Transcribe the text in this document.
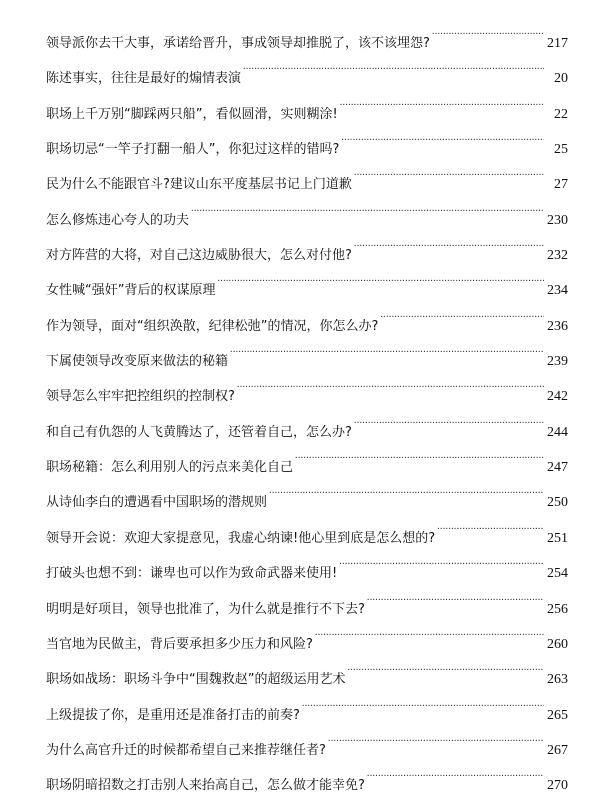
领导派你去干大事，承诺给晋升，事成领导却推脱了，该不该埋怨? .....	217
陈述事实，往往是最好的煽情表演 .....	20
职场上千万别“脚踩两只船”，看似圆滑，实则糊涂! .....	22
职场切忌“一竿子打翻一船人”，你犯过这样的错吗? .....	25
民为什么不能跟官斗?建议山东平度基层书记上门道歉 .....	27
怎么修炼违心夸人的功夫 .....	230
对方阵营的大将，对自己这边威胁很大，怎么对付他? .....	232
女性喊“强奸”背后的权谋原理 .....	234
作为领导，面对“组织涣散，纪律松弛”的情况，你怎么办? .....	236
下属使领导改变原来做法的秘籍 .....	239
领导怎么牢牢把控组织的控制权? .....	242
和自己有仇怨的人飞黄腾达了，还管着自己，怎么办? .....	244
职场秘籍：怎么利用别人的污点来美化自己 .....	247
从诗仙李白的遭遇看中国职场的潜规则 .....	250
领导开会说：欢迎大家提意见，我虚心纳谏!他心里到底是怎么想的? .....	251
打破头也想不到：谦卑也可以作为致命武器来使用! .....	254
明明是好项目，领导也批准了，为什么就是推行不下去? .....	256
当官地为民做主，背后要承担多少压力和风险? .....	260
职场如战场：职场斗争中“围魏救赵”的超级运用艺术 .....	263
上级提拔了你，是重用还是准备打击的前奏? .....	265
为什么高官升迁的时候都希望自己来推荐继任者? .....	267
职场阴暗招数之打击别人来抬高自己，怎么做才能幸免? .....	270
